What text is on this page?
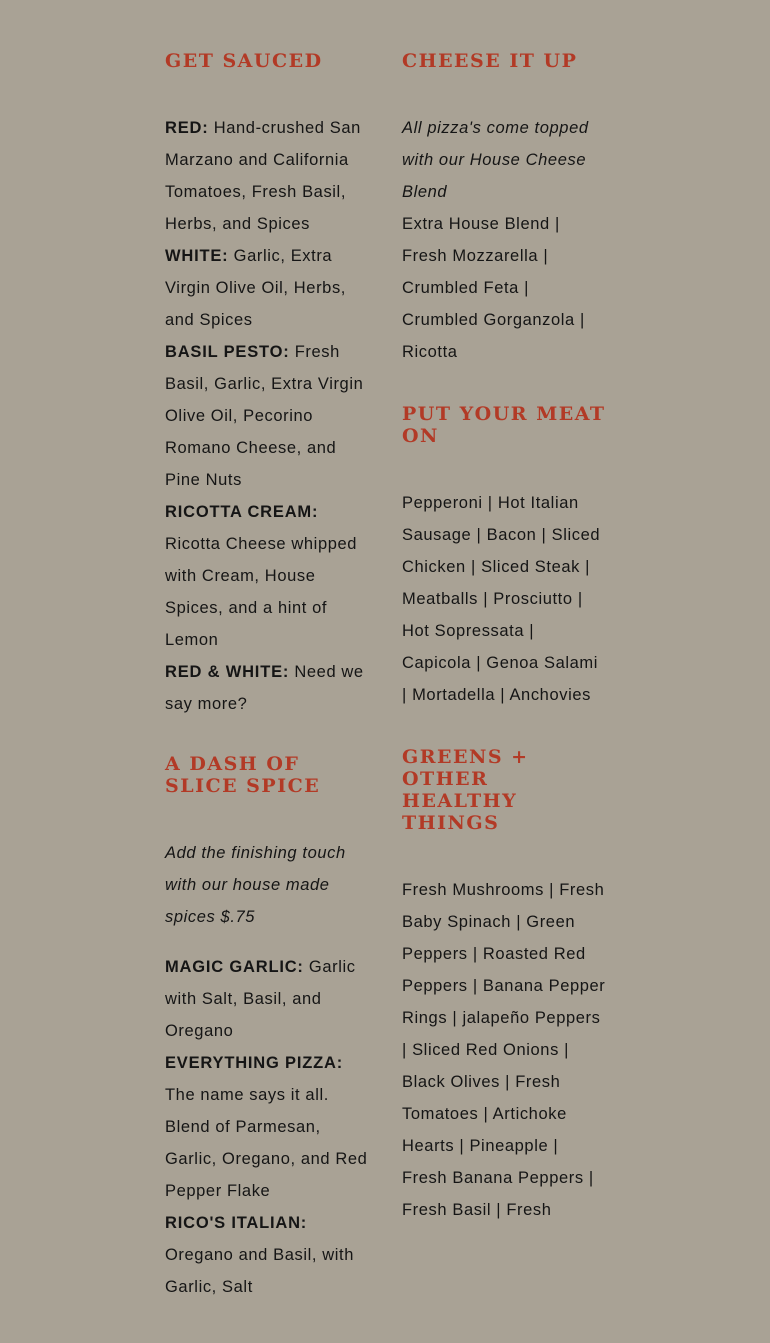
GET SAUCED

RED: Hand-crushed San Marzano and California Tomatoes, Fresh Basil, Herbs, and Spices

WHITE: Garlic, Extra Virgin Olive Oil, Herbs, and Spices

BASIL PESTO: Fresh Basil, Garlic, Extra Virgin Olive Oil, Pecorino Romano Cheese, and Pine Nuts

RICOTTA CREAM: Ricotta Cheese whipped with Cream, House Spices, and a hint of Lemon

RED & WHITE: Need we say more?

A DASH OF SLICE SPICE

Add the finishing touch with our house made spices $.75

MAGIC GARLIC: Garlic with Salt, Basil, and Oregano

EVERYTHING PIZZA: The name says it all. Blend of Parmesan,

Garlic, Oregano, and Red Pepper Flake

RICO'S ITALIAN: Oregano and Basil, with Garlic, Salt

CHEESE IT UP

All pizza's come topped with our House Cheese Blend

Extra House Blend | Fresh Mozzarella | Crumbled Feta | Crumbled Gorganzola | Ricotta

PUT YOUR MEAT ON

Pepperoni | Hot Italian Sausage | Bacon | Sliced Chicken | Sliced Steak | Meatballs | Prosciutto | Hot Sopressata | Capicola | Genoa Salami | Mortadella | Anchovies

GREENS + OTHER HEALTHY THINGS

Fresh Mushrooms | Fresh Baby Spinach | Green Peppers | Roasted Red Peppers | Banana Pepper Rings | jalapeño Peppers | Sliced Red Onions | Black Olives | Fresh Tomatoes | Artichoke Hearts | Pineapple | Fresh Banana Peppers | Fresh Basil | Fresh
